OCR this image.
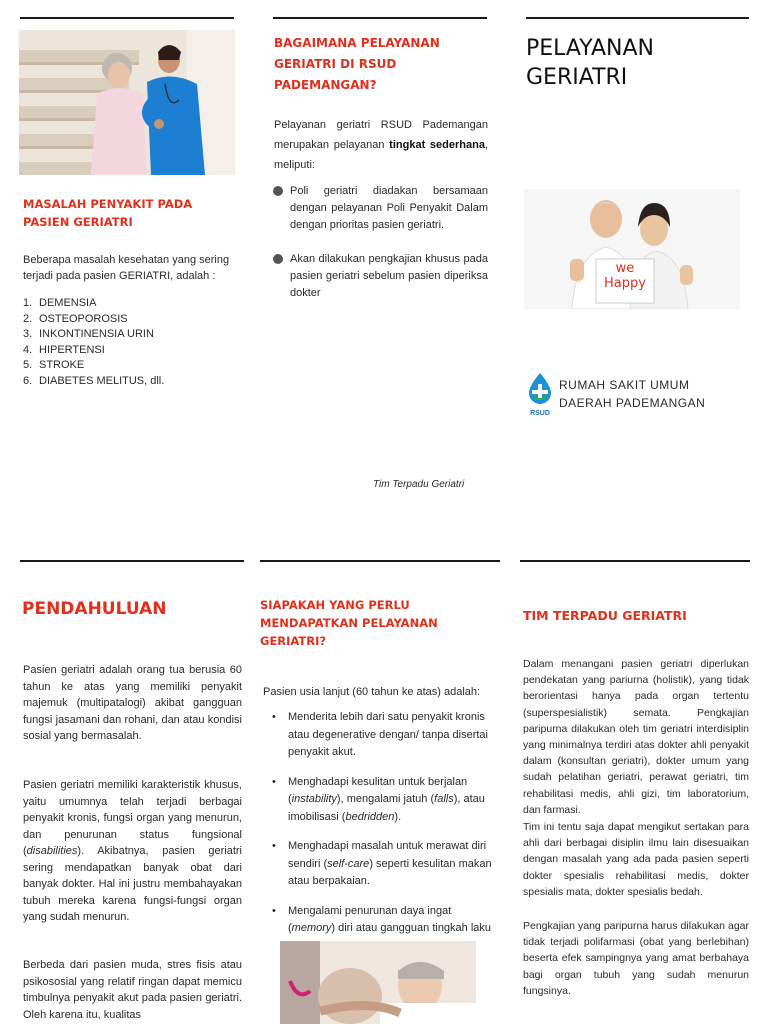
MASALAH PENYAKIT PADA PASIEN GERIATRI
Beberapa masalah kesehatan yang sering terjadi pada pasien GERIATRI, adalah :
1. DEMENSIA
2. OSTEOPOROSIS
3. INKONTINENSIA URIN
4. HIPERTENSI
5. STROKE
6. DIABETES MELITUS, dll.
BAGAIMANA PELAYANAN GERIATRI DI RSUD PADEMANGAN?
Pelayanan geriatri RSUD Pademangan merupakan pelayanan tingkat sederhana, meliputi:
Poli geriatri diadakan bersamaan dengan pelayanan Poli Penyakit Dalam dengan prioritas pasien geriatri.
Akan dilakukan pengkajian khusus pada pasien geriatri sebelum pasien diperiksa dokter
Tim Terpadu Geriatri
PELAYANAN
GERIATRI
we
Happy
RSUD
RUMAH SAKIT UMUM
DAERAH PADEMANGAN
PENDAHULUAN
Pasien geriatri adalah orang tua berusia 60 tahun ke atas yang memiliki penyakit majemuk (multipatalogi) akibat gangguan fungsi jasamani dan rohani, dan atau kondisi sosial yang bermasalah.
Pasien geriatri memiliki karakteristik khusus, yaitu umumnya telah terjadi berbagai penyakit kronis, fungsi organ yang menurun, dan penurunan status fungsional (disabilities). Akibatnya, pasien geriatri sering mendapatkan banyak obat dari banyak dokter. Hal ini justru membahayakan tubuh mereka karena fungsi-fungsi organ yang sudah menurun.
Berbeda dari pasien muda, stres fisis atau psikososial yang relatif ringan dapat memicu timbulnya penyakit akut pada pasien geriatri. Oleh karena itu, kualitas
SIAPAKAH YANG PERLU MENDAPATKAN PELAYANAN GERIATRI?
Pasien usia lanjut (60 tahun ke atas) adalah:
• Menderita lebih dari satu penyakit kronis atau degenerative dengan/ tanpa disertai penyakit akut.
• Menghadapi kesulitan untuk berjalan (instability), mengalami jatuh (falls), atau imobilisasi (bedridden).
• Menghadapi masalah untuk merawat diri sendiri (self-care) seperti kesulitan makan atau berpakaian.
• Mengalami penurunan daya ingat (memory) diri atau gangguan tingkah laku
TIM TERPADU GERIATRI
Dalam menangani pasien geriatri diperlukan pendekatan yang pariurna (holistik), yang tidak berorientasi hanya pada organ tertentu (superspesialistik) semata. Pengkajian paripurna dilakukan oleh tim geriatri interdisiplin yang minimalnya terdiri atas dokter ahli penyakit dalam (konsultan geriatri), dokter umum yang sudah pelatihan geriatri, perawat geriatri, tim rehabilitasi medis, ahli gizi, tim laboratorium, dan farmasi.
Tim ini tentu saja dapat mengikut sertakan para ahli dari berbagai disiplin ilmu lain disesuaikan dengan masalah yang ada pada pasien seperti dokter spesialis rehabilitasi medis, dokter spesialis mata, dokter spesialis bedah.
Pengkajian yang paripurna harus dilakukan agar tidak terjadi polifarmasi (obat yang berlebihan) beserta efek sampingnya yang amat berbahaya bagi organ tubuh yang sudah menurun fungsinya.
